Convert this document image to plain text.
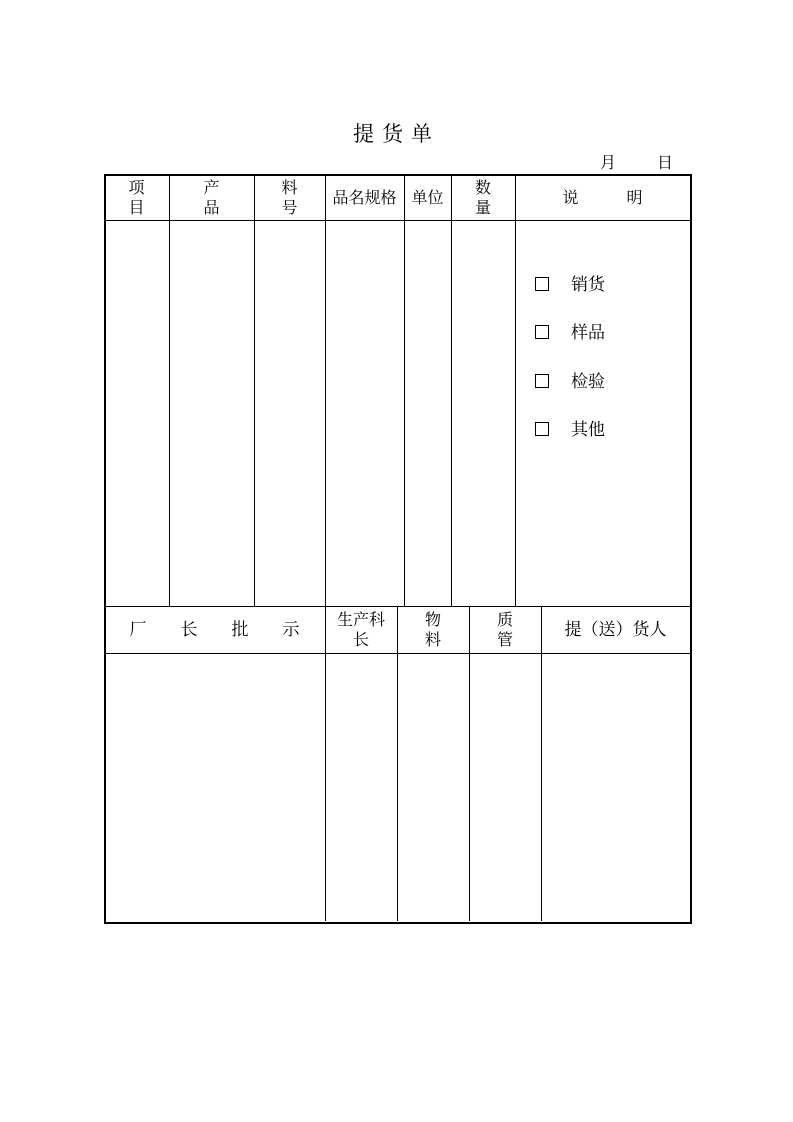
提货单
月	日
项
目
产
品
料
号
品名规格 单位
数
量
说　　　明
销货
样品
检验
其他
厂　　长　　批　　示
生产科
长
物
料
质
管	提（送）货人
